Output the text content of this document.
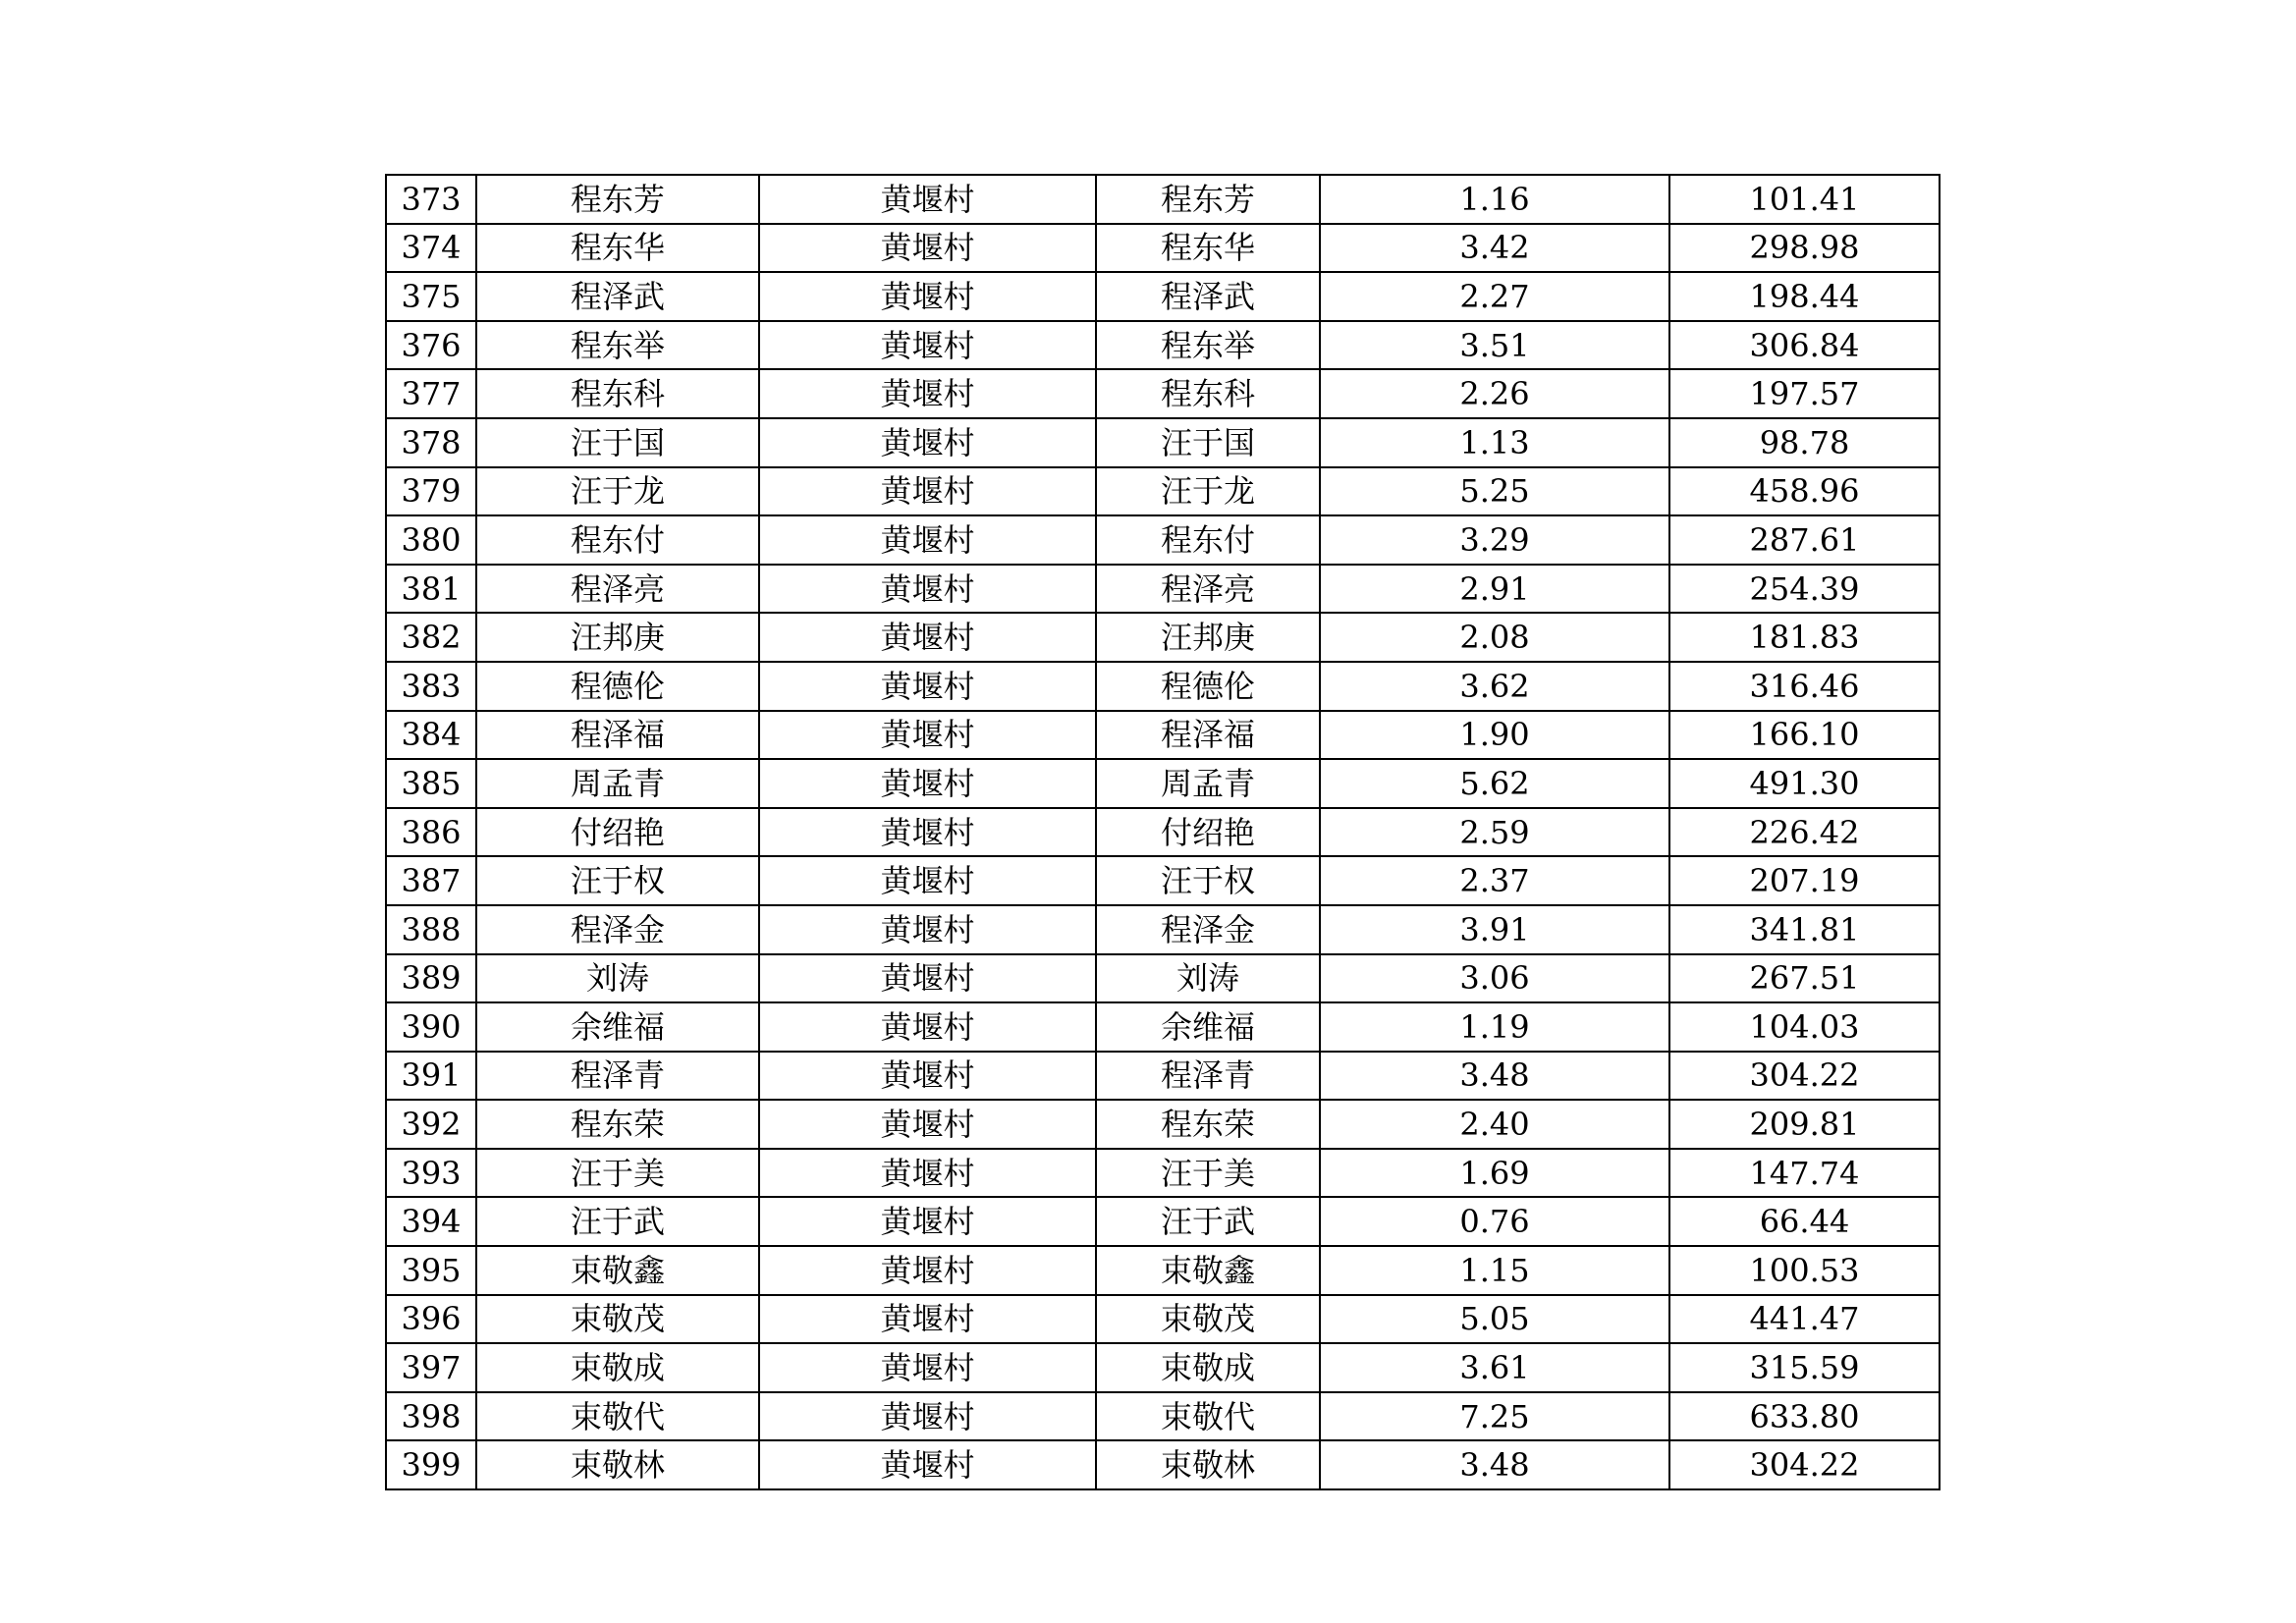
373	程东芳	黄堰村	程东芳	1.16	101.41
374	程东华	黄堰村	程东华	3.42	298.98
375	程泽武	黄堰村	程泽武	2.27	198.44
376	程东举	黄堰村	程东举	3.51	306.84
377	程东科	黄堰村	程东科	2.26	197.57
378	汪于国	黄堰村	汪于国	1.13	98.78
379	汪于龙	黄堰村	汪于龙	5.25	458.96
380	程东付	黄堰村	程东付	3.29	287.61
381	程泽亮	黄堰村	程泽亮	2.91	254.39
382	汪邦庚	黄堰村	汪邦庚	2.08	181.83
383	程德伦	黄堰村	程德伦	3.62	316.46
384	程泽福	黄堰村	程泽福	1.90	166.10
385	周孟青	黄堰村	周孟青	5.62	491.30
386	付绍艳	黄堰村	付绍艳	2.59	226.42
387	汪于权	黄堰村	汪于权	2.37	207.19
388	程泽金	黄堰村	程泽金	3.91	341.81
389	刘涛	黄堰村	刘涛	3.06	267.51
390	余维福	黄堰村	余维福	1.19	104.03
391	程泽青	黄堰村	程泽青	3.48	304.22
392	程东荣	黄堰村	程东荣	2.40	209.81
393	汪于美	黄堰村	汪于美	1.69	147.74
394	汪于武	黄堰村	汪于武	0.76	66.44
395	束敬鑫	黄堰村	束敬鑫	1.15	100.53
396	束敬茂	黄堰村	束敬茂	5.05	441.47
397	束敬成	黄堰村	束敬成	3.61	315.59
398	束敬代	黄堰村	束敬代	7.25	633.80
399	束敬林	黄堰村	束敬林	3.48	304.22
